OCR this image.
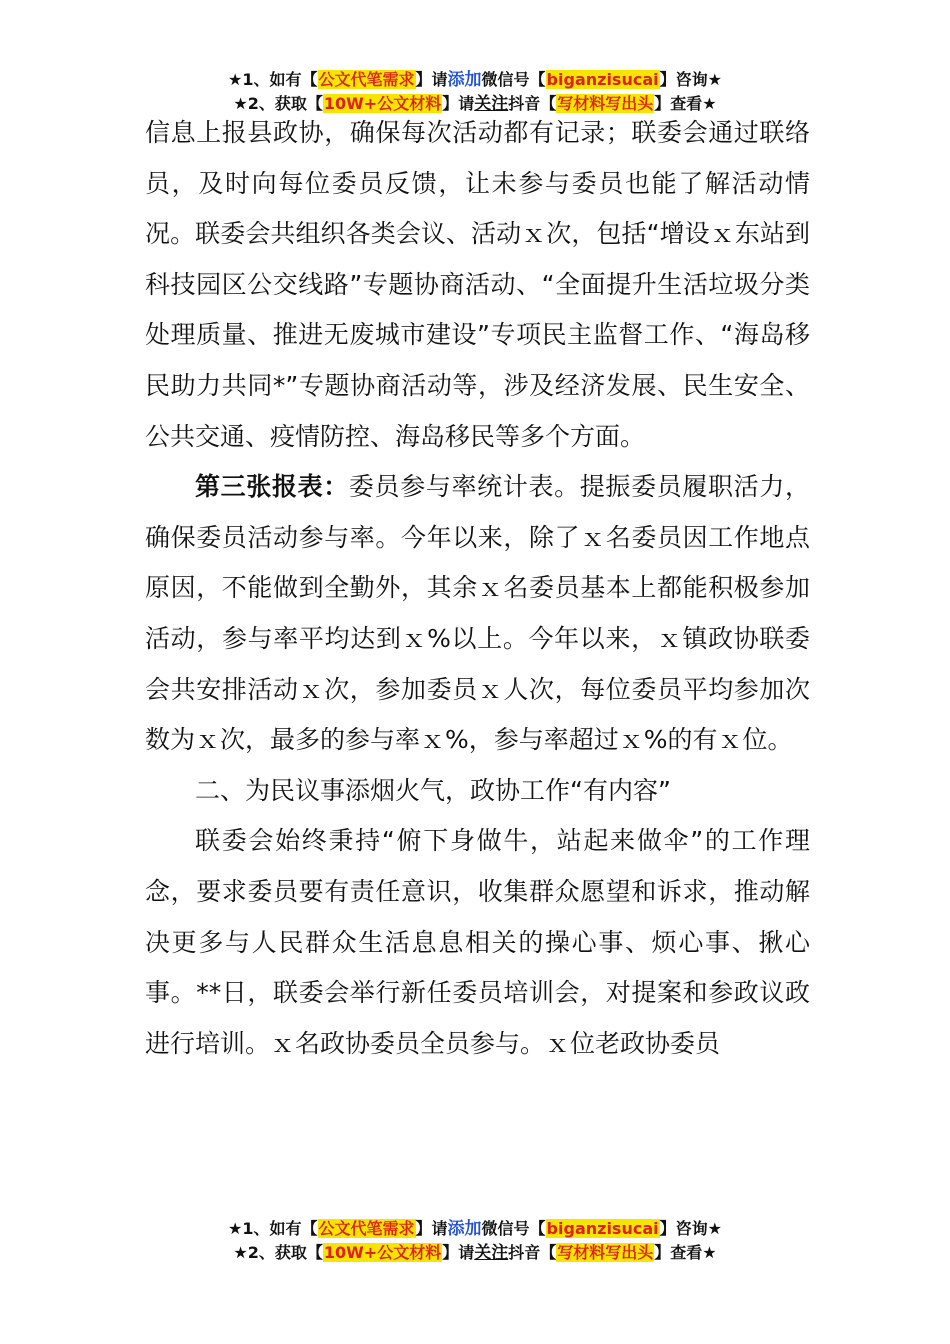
★1、如有【公文代笔需求】请添加微信号【biganzisucai】咨询★
★2、获取【10W+公文材料】请关注抖音【写材料写出头】查看★

信息上报县政协，确保每次活动都有记录；联委会通过联络员，及时向每位委员反馈，让未参与委员也能了解活动情况。联委会共组织各类会议、活动ｘ次，包括“增设ｘ东站到科技园区公交线路”专题协商活动、“全面提升生活垃圾分类处理质量、推进无废城市建设”专项民主监督工作、“海岛移民助力共同*”专题协商活动等，涉及经济发展、民生安全、公共交通、疫情防控、海岛移民等多个方面。

第三张报表：委员参与率统计表。提振委员履职活力，确保委员活动参与率。今年以来，除了ｘ名委员因工作地点原因，不能做到全勤外，其余ｘ名委员基本上都能积极参加活动，参与率平均达到ｘ%以上。今年以来，ｘ镇政协联委会共安排活动ｘ次，参加委员ｘ人次，每位委员平均参加次数为ｘ次，最多的参与率ｘ%，参与率超过ｘ%的有ｘ位。

二、为民议事添烟火气，政协工作“有内容”

联委会始终秉持“俯下身做牛，站起来做伞”的工作理念，要求委员要有责任意识，收集群众愿望和诉求，推动解决更多与人民群众生活息息相关的操心事、烦心事、揪心事。**日，联委会举行新任委员培训会，对提案和参政议政进行培训。ｘ名政协委员全员参与。ｘ位老政协委员

★1、如有【公文代笔需求】请添加微信号【biganzisucai】咨询★
★2、获取【10W+公文材料】请关注抖音【写材料写出头】查看★
